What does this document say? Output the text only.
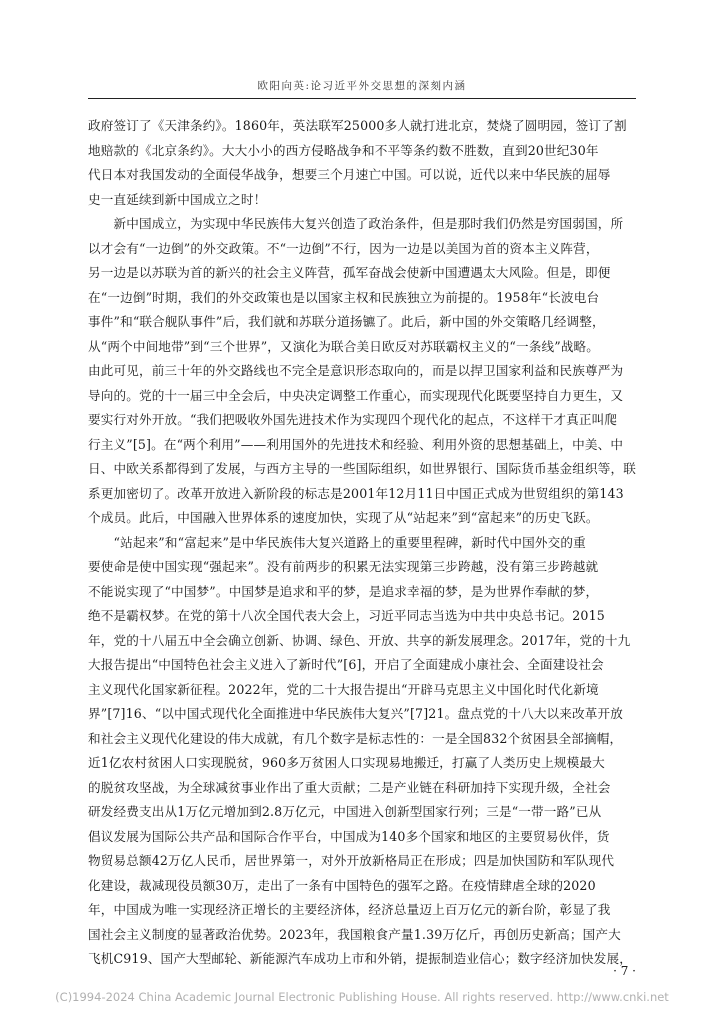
欧阳向英:论习近平外交思想的深刻内涵
政府签订了《天津条约》。1860年，英法联军25000多人就打进北京，焚烧了圆明园，签订了割
地赔款的《北京条约》。大大小小的西方侵略战争和不平等条约数不胜数，直到20世纪30年
代日本对我国发动的全面侵华战争，想要三个月速亡中国。可以说，近代以来中华民族的屈辱
史一直延续到新中国成立之时！
　　新中国成立，为实现中华民族伟大复兴创造了政治条件，但是那时我们仍然是穷国弱国，所
以才会有“一边倒”的外交政策。不“一边倒”不行，因为一边是以美国为首的资本主义阵营，
另一边是以苏联为首的新兴的社会主义阵营，孤军奋战会使新中国遭遇太大风险。但是，即便
在“一边倒”时期，我们的外交政策也是以国家主权和民族独立为前提的。1958年“长波电台
事件”和“联合舰队事件”后，我们就和苏联分道扬镳了。此后，新中国的外交策略几经调整，
从“两个中间地带”到“三个世界”，又演化为联合美日欧反对苏联霸权主义的“一条线”战略。
由此可见，前三十年的外交路线也不完全是意识形态取向的，而是以捍卫国家利益和民族尊严为
导向的。党的十一届三中全会后，中央决定调整工作重心，而实现现代化既要坚持自力更生，又
要实行对外开放。“我们把吸收外国先进技术作为实现四个现代化的起点，不这样干才真正叫爬
行主义”[5]。在“两个利用”——利用国外的先进技术和经验、利用外资的思想基础上，中美、中
日、中欧关系都得到了发展，与西方主导的一些国际组织，如世界银行、国际货币基金组织等，联
系更加密切了。改革开放进入新阶段的标志是2001年12月11日中国正式成为世贸组织的第143
个成员。此后，中国融入世界体系的速度加快，实现了从“站起来”到“富起来”的历史飞跃。
　　“站起来”和“富起来”是中华民族伟大复兴道路上的重要里程碑，新时代中国外交的重
要使命是使中国实现“强起来”。没有前两步的积累无法实现第三步跨越，没有第三步跨越就
不能说实现了“中国梦”。中国梦是追求和平的梦，是追求幸福的梦，是为世界作奉献的梦，
绝不是霸权梦。在党的第十八次全国代表大会上，习近平同志当选为中共中央总书记。2015
年，党的十八届五中全会确立创新、协调、绿色、开放、共享的新发展理念。2017年，党的十九
大报告提出“中国特色社会主义进入了新时代”[6]，开启了全面建成小康社会、全面建设社会
主义现代化国家新征程。2022年，党的二十大报告提出“开辟马克思主义中国化时代化新境
界”[7]16、“以中国式现代化全面推进中华民族伟大复兴”[7]21。盘点党的十八大以来改革开放
和社会主义现代化建设的伟大成就，有几个数字是标志性的：一是全国832个贫困县全部摘帽，
近1亿农村贫困人口实现脱贫，960多万贫困人口实现易地搬迁，打赢了人类历史上规模最大
的脱贫攻坚战，为全球减贫事业作出了重大贡献；二是产业链在科研加持下实现升级，全社会
研发经费支出从1万亿元增加到2.8万亿元，中国进入创新型国家行列；三是“一带一路”已从
倡议发展为国际公共产品和国际合作平台，中国成为140多个国家和地区的主要贸易伙伴，货
物贸易总额42万亿人民币，居世界第一，对外开放新格局正在形成；四是加快国防和军队现代
化建设，裁减现役员额30万，走出了一条有中国特色的强军之路。在疫情肆虐全球的2020
年，中国成为唯一实现经济正增长的主要经济体，经济总量迈上百万亿元的新台阶，彰显了我
国社会主义制度的显著政治优势。2023年，我国粮食产量1.39万亿斤，再创历史新高；国产大
飞机C919、国产大型邮轮、新能源汽车成功上市和外销，提振制造业信心；数字经济加快发展，
· 7 ·
(C)1994-2024 China Academic Journal Electronic Publishing House. All rights reserved. http://www.cnki.net
